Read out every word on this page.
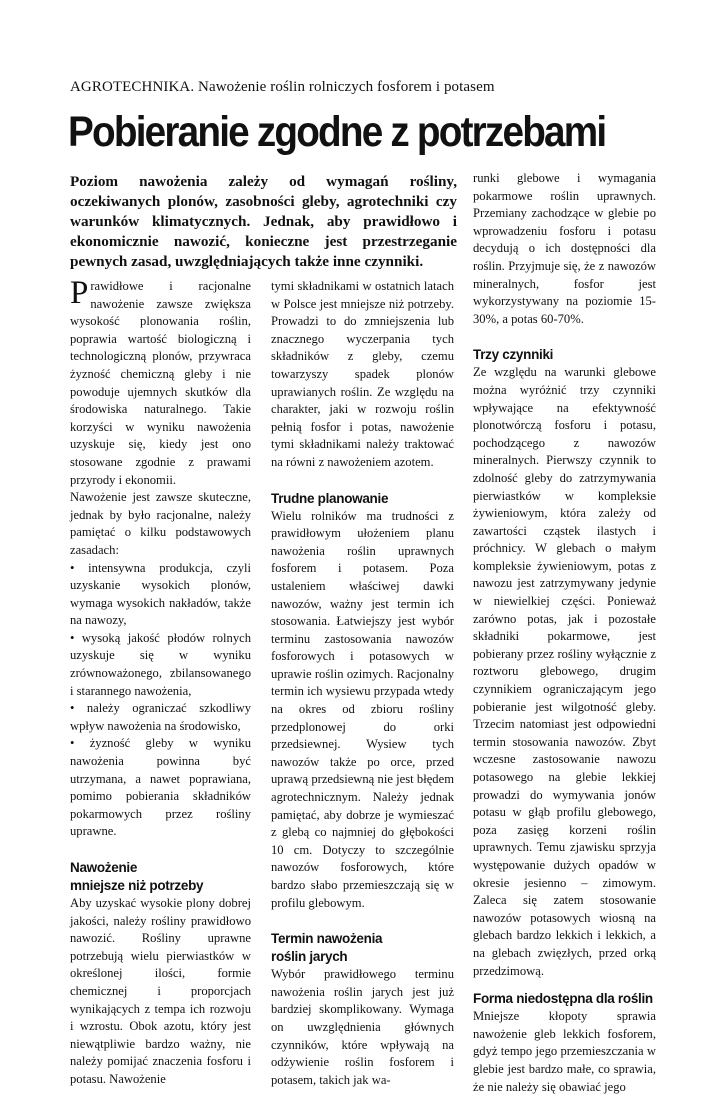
AGROTECHNIKA. Nawożenie roślin rolniczych fosforem i potasem
Pobieranie zgodne z potrzebami
Poziom nawożenia zależy od wymagań rośliny, oczekiwanych plonów, zasobności gleby, agrotechniki czy warunków klimatycznych. Jednak, aby prawidłowo i ekonomicznie nawozić, konieczne jest przestrzeganie pewnych zasad, uwzględniających także inne czynniki.

Prawidłowe i racjonalne nawożenie zawsze zwiększa wysokość plonowania roślin, poprawia wartość biologiczną i technologiczną plonów, przywraca żyzność chemiczną gleby i nie powoduje ujemnych skutków dla środowiska naturalnego. Takie korzyści w wyniku nawożenia uzyskuje się, kiedy jest ono stosowane zgodnie z prawami przyrody i ekonomii.

Nawożenie jest zawsze skuteczne, jednak by było racjonalne, należy pamiętać o kilku podstawowych zasadach:

• intensywna produkcja, czyli uzyskanie wysokich plonów, wymaga wysokich nakładów, także na nawozy,

• wysoką jakość płodów rolnych uzyskuje się w wyniku zrównoważonego, zbilansowanego i starannego nawożenia,

• należy ograniczać szkodliwy wpływ nawożenia na środowisko,

• żyzność gleby w wyniku nawożenia powinna być utrzymana, a nawet poprawiana, pomimo pobierania składników pokarmowych przez rośliny uprawne.

Nawożenie
mniejsze niż potrzeby

Aby uzyskać wysokie plony dobrej jakości, należy rośliny prawidłowo nawozić. Rośliny uprawne potrzebują wielu pierwiastków w określonej ilości, formie chemicznej i proporcjach wynikających z tempa ich rozwoju i wzrostu. Obok azotu, który jest niewątpliwie bardzo ważny, nie należy pomijać znaczenia fosforu i potasu. Nawożenie

tymi składnikami w ostatnich latach w Polsce jest mniejsze niż potrzeby. Prowadzi to do zmniejszenia lub znacznego wyczerpania tych składników z gleby, czemu towarzyszy spadek plonów uprawianych roślin. Ze względu na charakter, jaki w rozwoju roślin pełnią fosfor i potas, nawożenie tymi składnikami należy traktować na równi z nawożeniem azotem.

Trudne planowanie

Wielu rolników ma trudności z prawidłowym ułożeniem planu nawożenia roślin uprawnych fosforem i potasem. Poza ustaleniem właściwej dawki nawozów, ważny jest termin ich stosowania. Łatwiejszy jest wybór terminu zastosowania nawozów fosforowych i potasowych w uprawie roślin ozimych. Racjonalny termin ich wysiewu przypada wtedy na okres od zbioru rośliny przedplonowej do orki przedsiewnej. Wysiew tych nawozów także po orce, przed uprawą przedsiewną nie jest błędem agrotechnicznym. Należy jednak pamiętać, aby dobrze je wymieszać z glebą co najmniej do głębokości 10 cm. Dotyczy to szczególnie nawozów fosforowych, które bardzo słabo przemieszczają się w profilu glebowym.

Termin nawożenia
roślin jarych

Wybór prawidłowego terminu nawożenia roślin jarych jest już bardziej skomplikowany. Wymaga on uwzględnienia głównych czynników, które wpływają na odżywienie roślin fosforem i potasem, takich jak wa-

runki glebowe i wymagania pokarmowe roślin uprawnych. Przemiany zachodzące w glebie po wprowadzeniu fosforu i potasu decydują o ich dostępności dla roślin. Przyjmuje się, że z nawozów mineralnych, fosfor jest wykorzystywany na poziomie 15-30%, a potas 60-70%.

Trzy czynniki

Ze względu na warunki glebowe można wyróżnić trzy czynniki wpływające na efektywność plonotwórczą fosforu i potasu, pochodzącego z nawozów mineralnych. Pierwszy czynnik to zdolność gleby do zatrzymywania pierwiastków w kompleksie żywieniowym, która zależy od zawartości cząstek ilastych i próchnicy. W glebach o małym kompleksie żywieniowym, potas z nawozu jest zatrzymywany jedynie w niewielkiej części. Ponieważ zarówno potas, jak i pozostałe składniki pokarmowe, jest pobierany przez rośliny wyłącznie z roztworu glebowego, drugim czynnikiem ograniczającym jego pobieranie jest wilgotność gleby. Trzecim natomiast jest odpowiedni termin stosowania nawozów. Zbyt wczesne zastosowanie nawozu potasowego na glebie lekkiej prowadzi do wymywania jonów potasu w głąb profilu glebowego, poza zasięg korzeni roślin uprawnych. Temu zjawisku sprzyja występowanie dużych opadów w okresie jesienno – zimowym. Zaleca się zatem stosowanie nawozów potasowych wiosną na glebach bardzo lekkich i lekkich, a na glebach zwięzłych, przed orką przedzimową.

Forma niedostępna dla roślin

Mniejsze kłopoty sprawia nawożenie gleb lekkich fosforem, gdyż tempo jego przemieszczania w glebie jest bardzo małe, co sprawia, że nie należy się obawiać jego
